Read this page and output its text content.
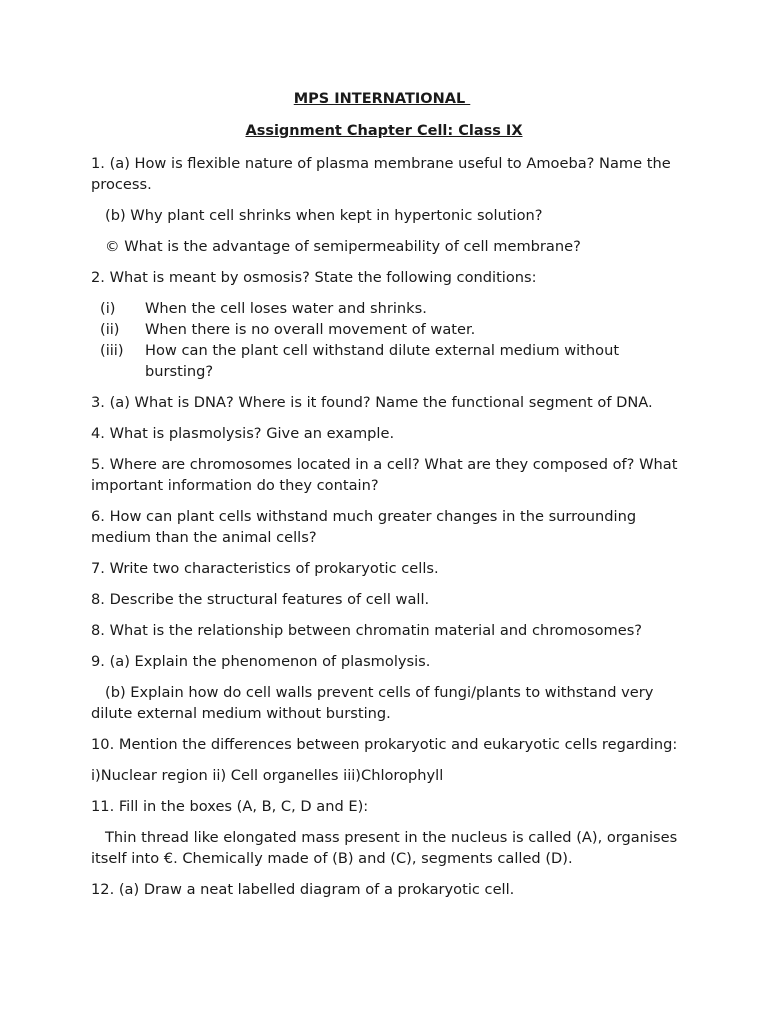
MPS INTERNATIONAL
Assignment Chapter Cell: Class IX

1. (a) How is flexible nature of plasma membrane useful to Amoeba? Name the process.

(b) Why plant cell shrinks when kept in hypertonic solution?

© What is the advantage of semipermeability of cell membrane?

2. What is meant by osmosis? State the following conditions:

(i)	When the cell loses water and shrinks.
(ii)	When there is no overall movement of water.
(iii)	How can the plant cell withstand dilute external medium without bursting?

3. (a) What is DNA? Where is it found? Name the functional segment of DNA.

4. What is plasmolysis? Give an example.

5. Where are chromosomes located in a cell? What are they composed of? What important information do they contain?

6. How can plant cells withstand much greater changes in the surrounding medium than the animal cells?

7. Write two characteristics of prokaryotic cells.

8. Describe the structural features of cell wall.

8. What is the relationship between chromatin material and chromosomes?

9. (a) Explain the phenomenon of plasmolysis.

(b) Explain how do cell walls prevent cells of fungi/plants to withstand very dilute external medium without bursting.

10. Mention the differences between prokaryotic and eukaryotic cells regarding:

i)Nuclear region ii) Cell organelles iii)Chlorophyll

11. Fill in the boxes (A, B, C, D and E):

Thin thread like elongated mass present in the nucleus is called (A), organises itself into €. Chemically made of (B) and (C), segments called (D).

12. (a) Draw a neat labelled diagram of a prokaryotic cell.
